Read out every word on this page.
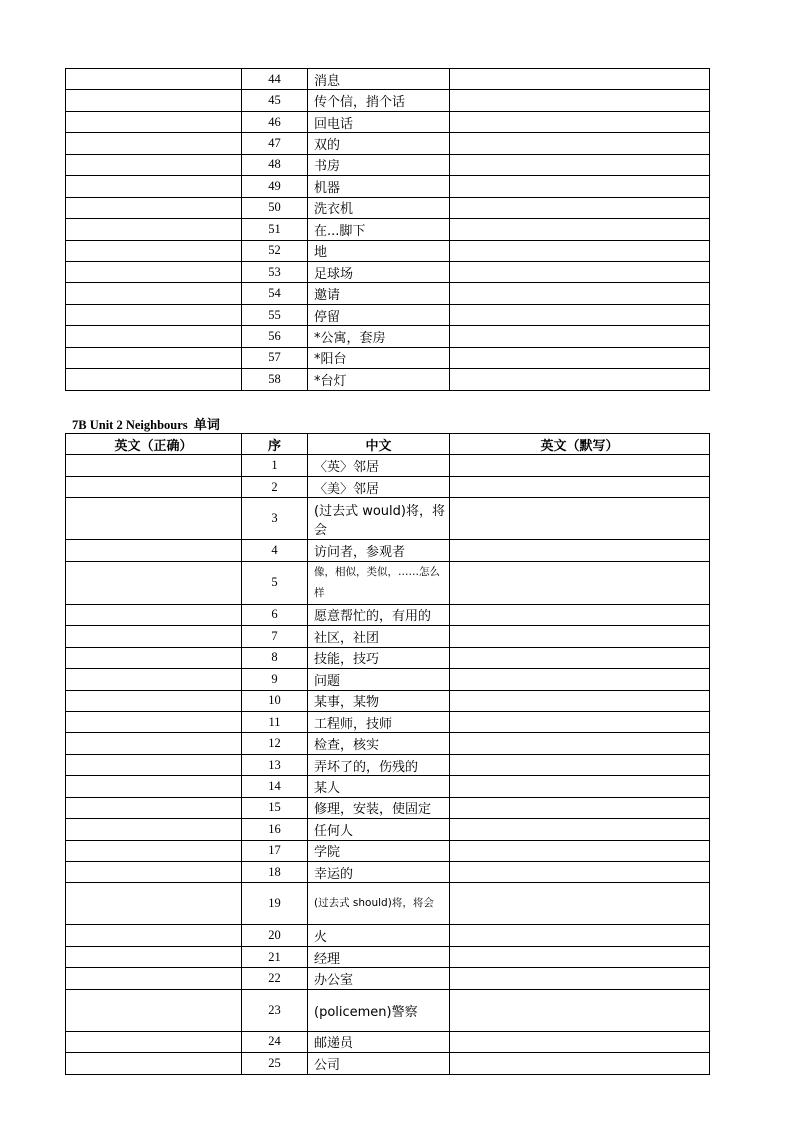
	44	消息	
	45	传个信，捎个话	
	46	回电话	
	47	双的	
	48	书房	
	49	机器	
	50	洗衣机	
	51	在...脚下	
	52	地	
	53	足球场	
	54	邀请	
	55	停留	
	56	*公寓，套房	
	57	*阳台	
	58	*台灯	
7B Unit 2 Neighbours 单词
英文（正确）	序	中文	英文（默写）
	1	〈英〉邻居	
	2	〈美〉邻居	
	3	(过去式 would)将，将会	
	4	访问者，参观者	
	5	像，相似，类似，……怎么样	
	6	愿意帮忙的，有用的	
	7	社区，社团	
	8	技能，技巧	
	9	问题	
	10	某事，某物	
	11	工程师，技师	
	12	检查，核实	
	13	弄坏了的，伤残的	
	14	某人	
	15	修理，安装，使固定	
	16	任何人	
	17	学院	
	18	幸运的	
	19	(过去式 should)将，将会	
	20	火	
	21	经理	
	22	办公室	
	23	(policemen)警察	
	24	邮递员	
	25	公司	
